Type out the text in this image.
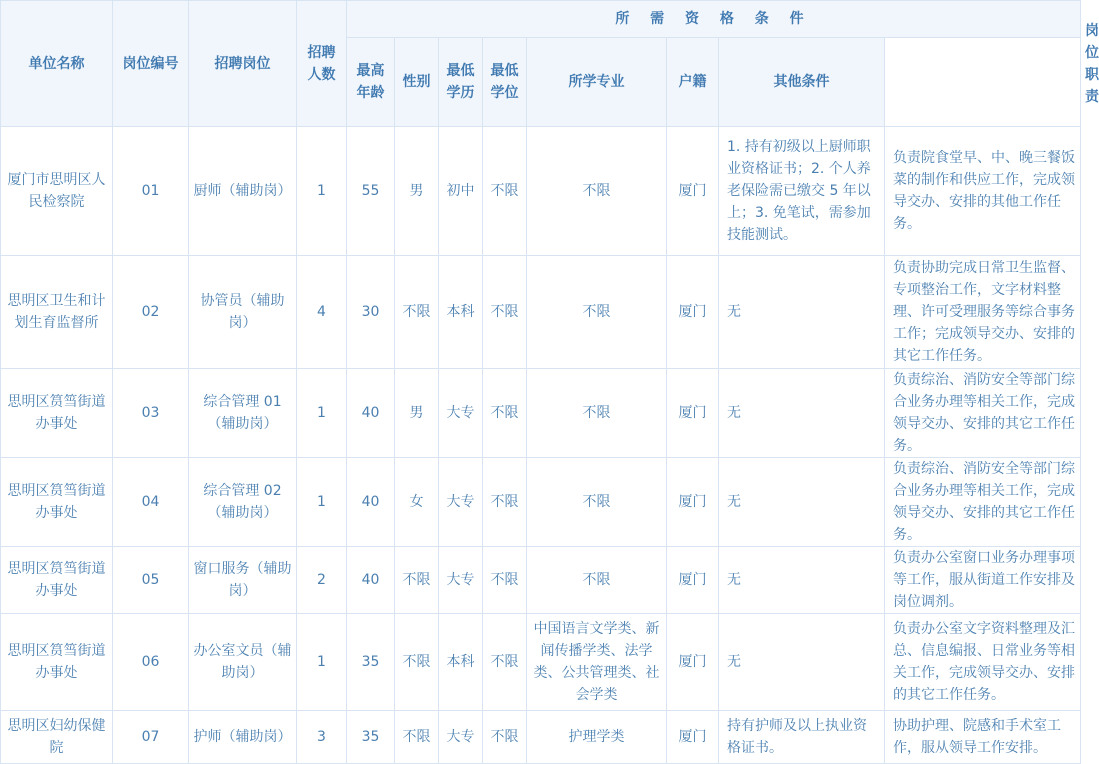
单位名称	岗位编号	招聘岗位	招聘人数	所 需 资 格 条 件								岗位职责
				最高年龄	性别	最低学历	最低学位	所学专业	户籍	其他条件		
厦门市思明区人民检察院	01	厨师（辅助岗）	1	55	男	初中	不限	不限	厦门	1. 持有初级以上厨师职业资格证书；2. 个人养老保险需已缴交 5 年以上；3. 免笔试，需参加技能测试。	负责院食堂早、中、晚三餐饭菜的制作和供应工作，完成领导交办、安排的其他工作任务。	
思明区卫生和计划生育监督所	02	协管员（辅助岗）	4	30	不限	本科	不限	不限	厦门	无	负责协助完成日常卫生监督、专项整治工作，文字材料整理、许可受理服务等综合事务工作；完成领导交办、安排的其它工作任务。	
思明区筼筜街道办事处	03	综合管理 01（辅助岗）	1	40	男	大专	不限	不限	厦门	无	负责综治、消防安全等部门综合业务办理等相关工作，完成领导交办、安排的其它工作任务。	
思明区筼筜街道办事处	04	综合管理 02（辅助岗）	1	40	女	大专	不限	不限	厦门	无	负责综治、消防安全等部门综合业务办理等相关工作，完成领导交办、安排的其它工作任务。	
思明区筼筜街道办事处	05	窗口服务（辅助岗）	2	40	不限	大专	不限	不限	厦门	无	负责办公室窗口业务办理事项等工作，服从街道工作安排及岗位调剂。	
思明区筼筜街道办事处	06	办公室文员（辅助岗）	1	35	不限	本科	不限	中国语言文学类、新闻传播学类、法学类、公共管理类、社会学类	厦门	无	负责办公室文字资料整理及汇总、信息编报、日常业务等相关工作，完成领导交办、安排的其它工作任务。	
思明区妇幼保健院	07	护师（辅助岗）	3	35	不限	大专	不限	护理学类	厦门	持有护师及以上执业资格证书。	协助护理、院感和手术室工作，服从领导工作安排。	
